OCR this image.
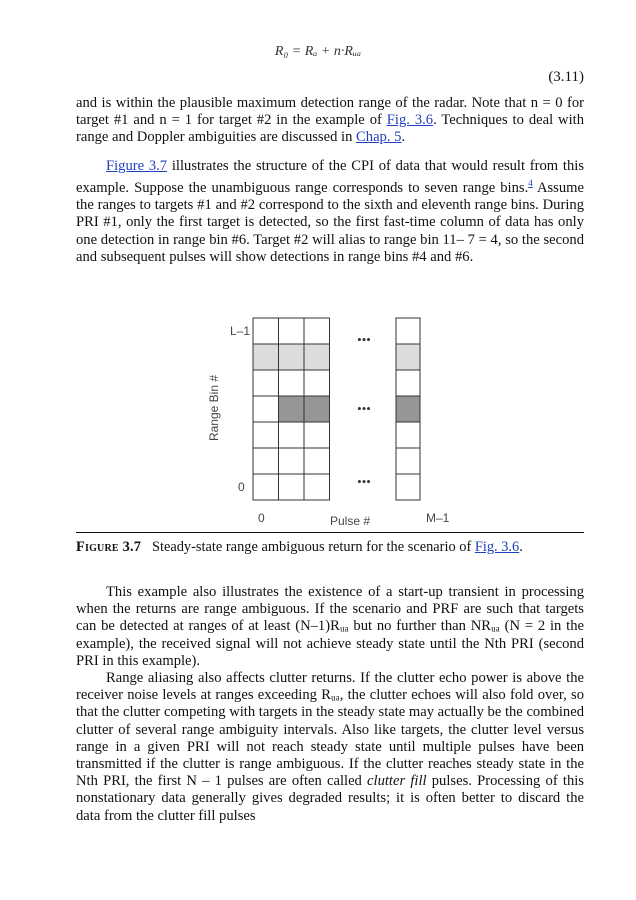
R₀ = Rₐ + n·Rᵤₐ
(3.11)

and is within the plausible maximum detection range of the radar. Note that n = 0 for target #1 and n = 1 for target #2 in the example of Fig. 3.6. Techniques to deal with range and Doppler ambiguities are discussed in Chap. 5.

Figure 3.7 illustrates the structure of the CPI of data that would result from this example. Suppose the unambiguous range corresponds to seven range bins.$^4$ Assume the ranges to targets #1 and #2 correspond to the sixth and eleventh range bins. During PRI #1, only the first target is detected, so the first fast-time column of data has only one detection in range bin #6. Target #2 will alias to range bin 11– 7 = 4, so the second and subsequent pulses will show detections in range bins #4 and #6.

L–1
0
Range Bin #
0	Pulse #	M–1
•••
•••
•••
Figure 3.7   Steady-state range ambiguous return for the scenario of Fig. 3.6.

This example also illustrates the existence of a start-up transient in processing when the returns are range ambiguous. If the scenario and PRF are such that targets can be detected at ranges of at least (N–1)Rᵤₐ but no further than NRᵤₐ (N = 2 in the example), the received signal will not achieve steady state until the Nth PRI (second PRI in this example).

Range aliasing also affects clutter returns. If the clutter echo power is above the receiver noise levels at ranges exceeding Rᵤₐ, the clutter echoes will also fold over, so that the clutter competing with targets in the steady state may actually be the combined clutter of several range ambiguity intervals. Also like targets, the clutter level versus range in a given PRI will not reach steady state until multiple pulses have been transmitted if the clutter is range ambiguous. If the clutter reaches steady state in the Nth PRI, the first N – 1 pulses are often called clutter fill pulses. Processing of this nonstationary data generally gives degraded results; it is often better to discard the data from the clutter fill pulses
